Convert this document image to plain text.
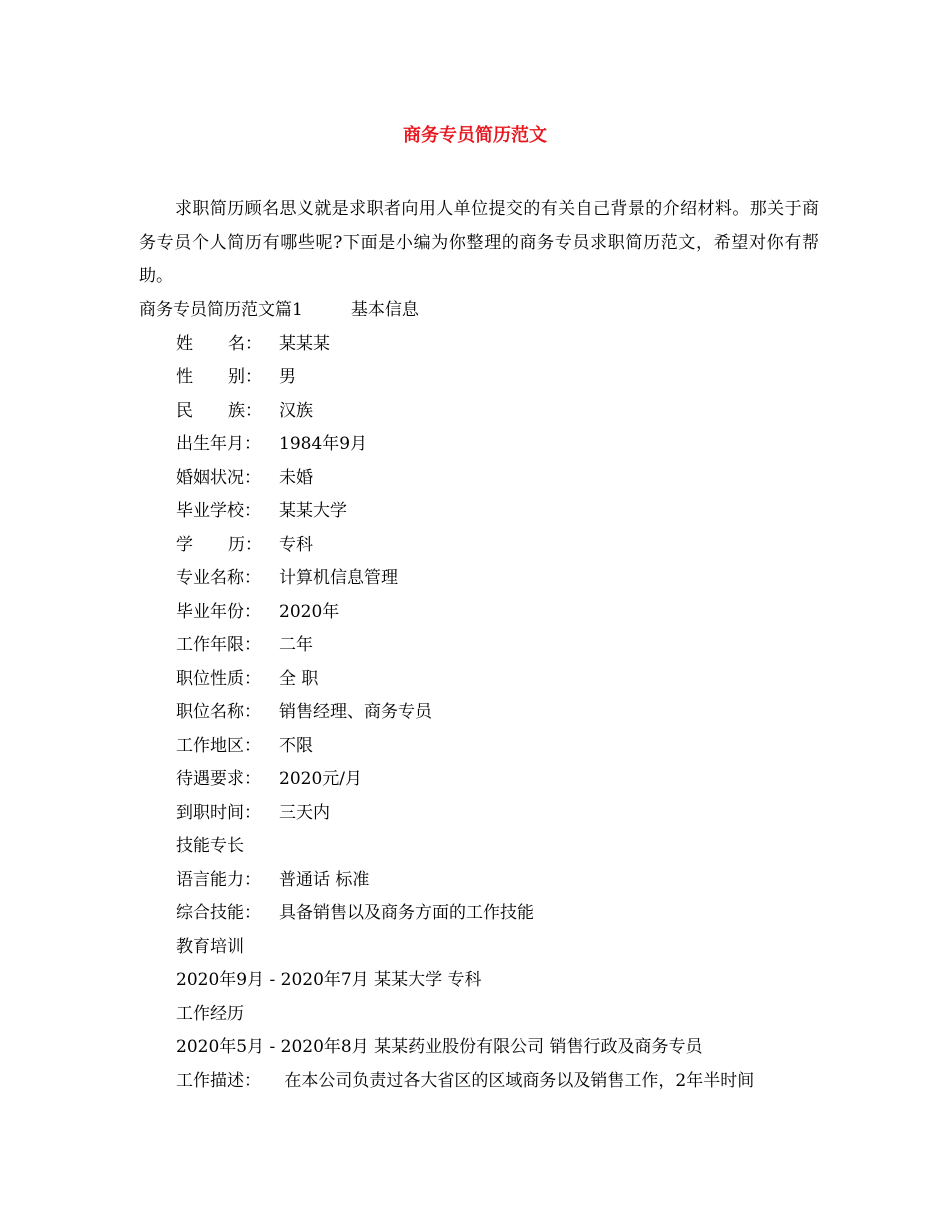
商务专员简历范文
求职简历顾名思义就是求职者向用人单位提交的有关自己背景的介绍材料。那关于商务专员个人简历有哪些呢?下面是小编为你整理的商务专员求职简历范文，希望对你有帮助。
商务专员简历范文篇1	基本信息
姓 名： 某某某
性 别： 男
民 族： 汉族
出生年月： 1984年9月
婚姻状况： 未婚
毕业学校： 某某大学
学 历： 专科
专业名称： 计算机信息管理
毕业年份： 2020年
工作年限： 二年
职位性质： 全 职
职位名称： 销售经理、商务专员
工作地区： 不限
待遇要求： 2020元/月
到职时间： 三天内
技能专长
语言能力： 普通话 标准
综合技能： 具备销售以及商务方面的工作技能
教育培训
2020年9月 - 2020年7月 某某大学 专科
工作经历
2020年5月 - 2020年8月 某某药业股份有限公司 销售行政及商务专员
工作描述： 在本公司负责过各大省区的区域商务以及销售工作，2年半时间
